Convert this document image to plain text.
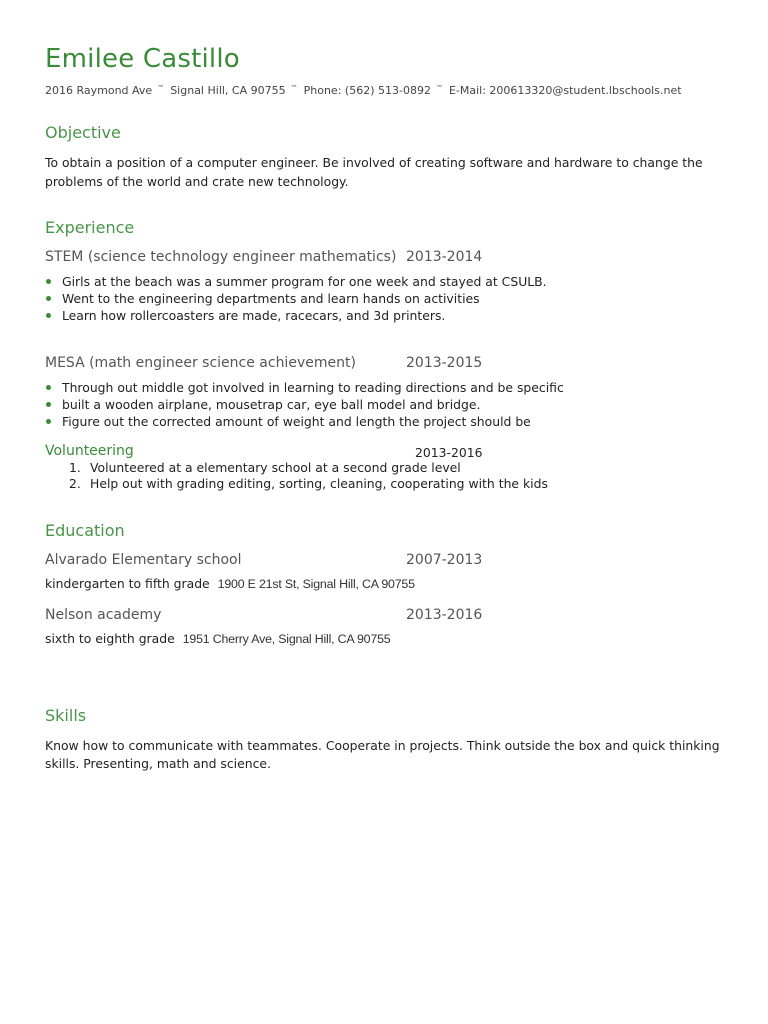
Emilee Castillo
2016 Raymond Ave ™ Signal Hill, CA 90755 ™ Phone: (562) 513-0892 ™ E-Mail: 200613320@student.lbschools.net
Objective
To obtain a position of a computer engineer. Be involved of creating software and hardware to change the problems of the world and crate new technology.
Experience
STEM (science technology engineer mathematics) 2013-2014
Girls at the beach was a summer program for one week and stayed at CSULB.
Went to the engineering departments and learn hands on activities
Learn how rollercoasters are made, racecars, and 3d printers.
MESA (math engineer science achievement)	2013-2015
Through out middle got involved in learning to reading directions and be specific
built a wooden airplane, mousetrap car, eye ball model and bridge.
Figure out the corrected amount of weight and length the project should be
Volunteering	2013-2016
1. Volunteered at a elementary school at a second grade level
2. Help out with grading editing, sorting, cleaning, cooperating with the kids
Education
Alvarado Elementary school	2007-2013
kindergarten to fifth grade 1900 E 21st St, Signal Hill, CA 90755
Nelson academy	2013-2016
sixth to eighth grade 1951 Cherry Ave, Signal Hill, CA 90755
Skills
Know how to communicate with teammates. Cooperate in projects. Think outside the box and quick thinking skills. Presenting, math and science.
